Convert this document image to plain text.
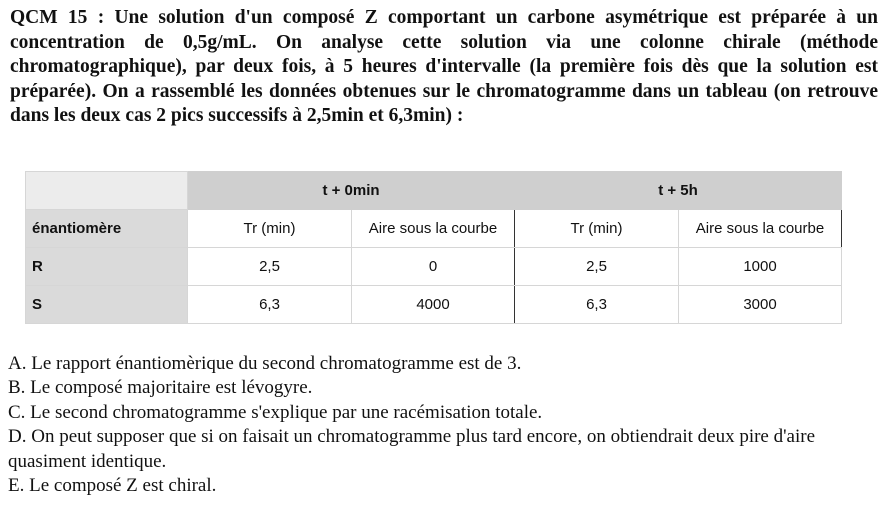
QCM 15 : Une solution d'un composé Z comportant un carbone asymétrique est préparée à un concentration de 0,5g/mL. On analyse cette solution via une colonne chirale (méthode chromatographique), par deux fois, à 5 heures d'intervalle (la première fois dès que la solution est préparée). On a rassemblé les données obtenues sur le chromatogramme dans un tableau (on retrouve dans les deux cas 2 pics successifs à 2,5min et 6,3min) :
	t + 0min		t + 5h	
énantiomère	Tr (min)	Aire sous la courbe	Tr (min)	Aire sous la courbe
R	2,5	0	2,5	1000
S	6,3	4000	6,3	3000
A. Le rapport énantiomèrique du second chromatogramme est de 3.
B. Le composé majoritaire est lévogyre.
C. Le second chromatogramme s'explique par une racémisation totale.
D. On peut supposer que si on faisait un chromatogramme plus tard encore, on obtiendrait deux pire d'aire quasiment identique.
E. Le composé Z est chiral.
